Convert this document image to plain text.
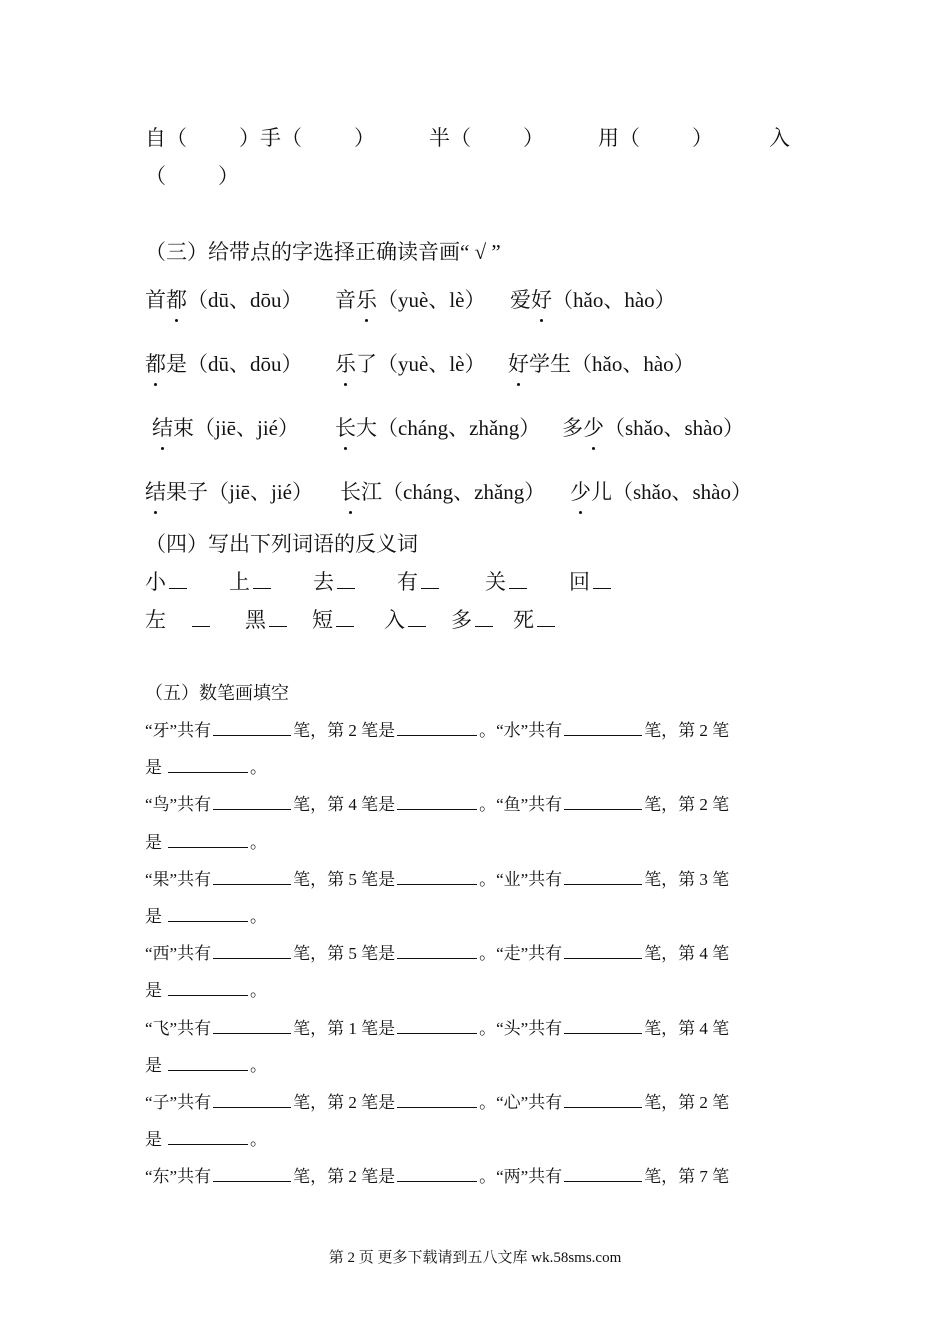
自（ ）手（ ）	半（ ）	用（ ）	入
（ ）
（三）给带点的字选择正确读音画“ √ ”
首都（dū、dōu） 音乐（yuè、lè） 爱好（hǎo、hào）
都是（dū、dōu） 乐了（yuè、lè） 好学生（hǎo、hào）
结束（jiē、jié） 长大（cháng、zhǎng） 多少（shǎo、shào）
结果子（jiē、jié） 长江（cháng、zhǎng） 少儿（shǎo、shào）
（四）写出下列词语的反义词
小	上	去	有	关	回
左	黑 短 入 多 死
（五）数笔画填空
“牙”共有	笔，第 2 笔是	。“水”共有	笔，第 2 笔
是	。
“鸟”共有	笔，第 4 笔是	。“鱼”共有	笔，第 2 笔
是	。
“果”共有	笔，第 5 笔是	。“业”共有	笔，第 3 笔
是	。
“西”共有	笔，第 5 笔是	。“走”共有	笔，第 4 笔
是	。
“飞”共有	笔，第 1 笔是	。“头”共有	笔，第 4 笔
是	。
“子”共有	笔，第 2 笔是	。“心”共有	笔，第 2 笔
是	。
“东”共有	笔，第 2 笔是	。“两”共有	笔，第 7 笔
第 2 页 更多下载请到五八文库 wk.58sms.com
